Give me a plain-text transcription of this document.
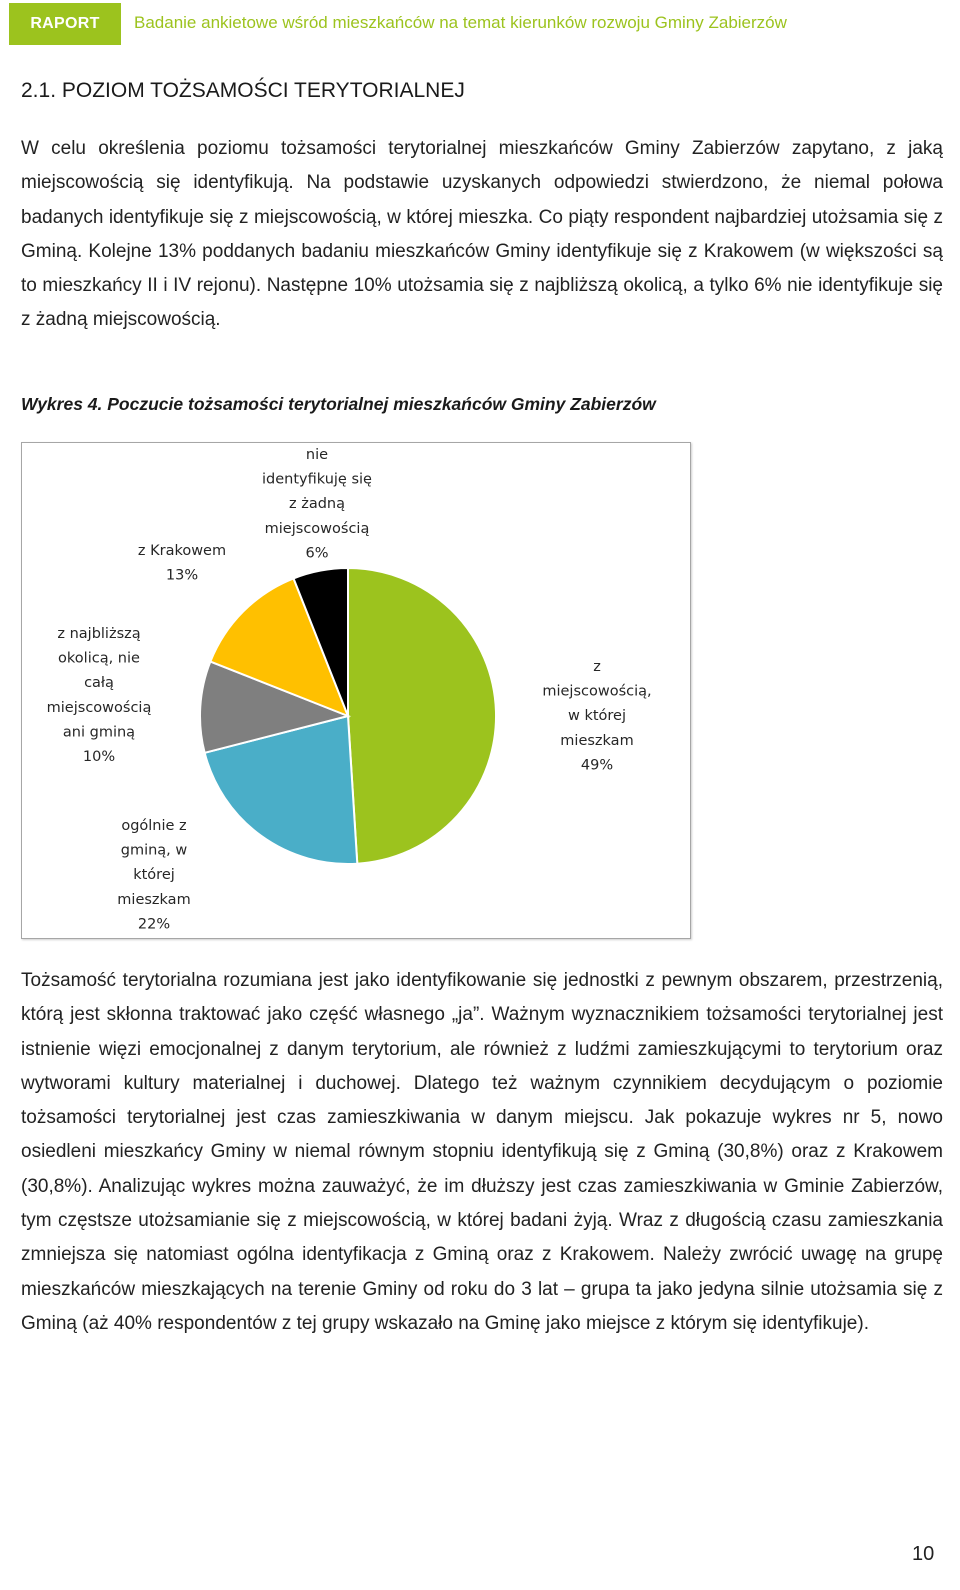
RAPORT	Badanie ankietowe wśród mieszkańców na temat kierunków rozwoju Gminy Zabierzów
2.1. POZIOM TOŻSAMOŚCI TERYTORIALNEJ

W celu określenia poziomu tożsamości terytorialnej mieszkańców Gminy Zabierzów zapytano, z jaką miejscowością się identyfikują. Na podstawie uzyskanych odpowiedzi stwierdzono, że niemal połowa badanych identyfikuje się z miejscowością, w której mieszka. Co piąty respondent najbardziej utożsamia się z Gminą. Kolejne 13% poddanych badaniu mieszkańców Gminy identyfikuje się z Krakowem (w większości są to mieszkańcy II i IV rejonu). Następne 10% utożsamia się z najbliższą okolicą, a tylko 6% nie identyfikuje się z żadną miejscowością.

Wykres 4. Poczucie tożsamości terytorialnej mieszkańców Gminy Zabierzów
z miejscowością, w której mieszkam 49%
ogólnie z gminą, w której mieszkam 22%
z najbliższą okolicą, nie całą miejscowością ani gminą 10%
z Krakowem 13%
nie identyfikuję się z żadną miejscowością 6%

Tożsamość terytorialna rozumiana jest jako identyfikowanie się jednostki z pewnym obszarem, przestrzenią, którą jest skłonna traktować jako część własnego „ja”. Ważnym wyznacznikiem tożsamości terytorialnej jest istnienie więzi emocjonalnej z danym terytorium, ale również z ludźmi zamieszkującymi to terytorium oraz wytworami kultury materialnej i duchowej. Dlatego też ważnym czynnikiem decydującym o poziomie tożsamości terytorialnej jest czas zamieszkiwania w danym miejscu. Jak pokazuje wykres nr 5, nowo osiedleni mieszkańcy Gminy w niemal równym stopniu identyfikują się z Gminą (30,8%) oraz z Krakowem (30,8%). Analizując wykres można zauważyć, że im dłuższy jest czas zamieszkiwania w Gminie Zabierzów, tym częstsze utożsamianie się z miejscowością, w której badani żyją. Wraz z długością czasu zamieszkania zmniejsza się natomiast ogólna identyfikacja z Gminą oraz z Krakowem. Należy zwrócić uwagę na grupę mieszkańców mieszkających na terenie Gminy od roku do 3 lat – grupa ta jako jedyna silnie utożsamia się z Gminą (aż 40% respondentów z tej grupy wskazało na Gminę jako miejsce z którym się identyfikuje).

10
